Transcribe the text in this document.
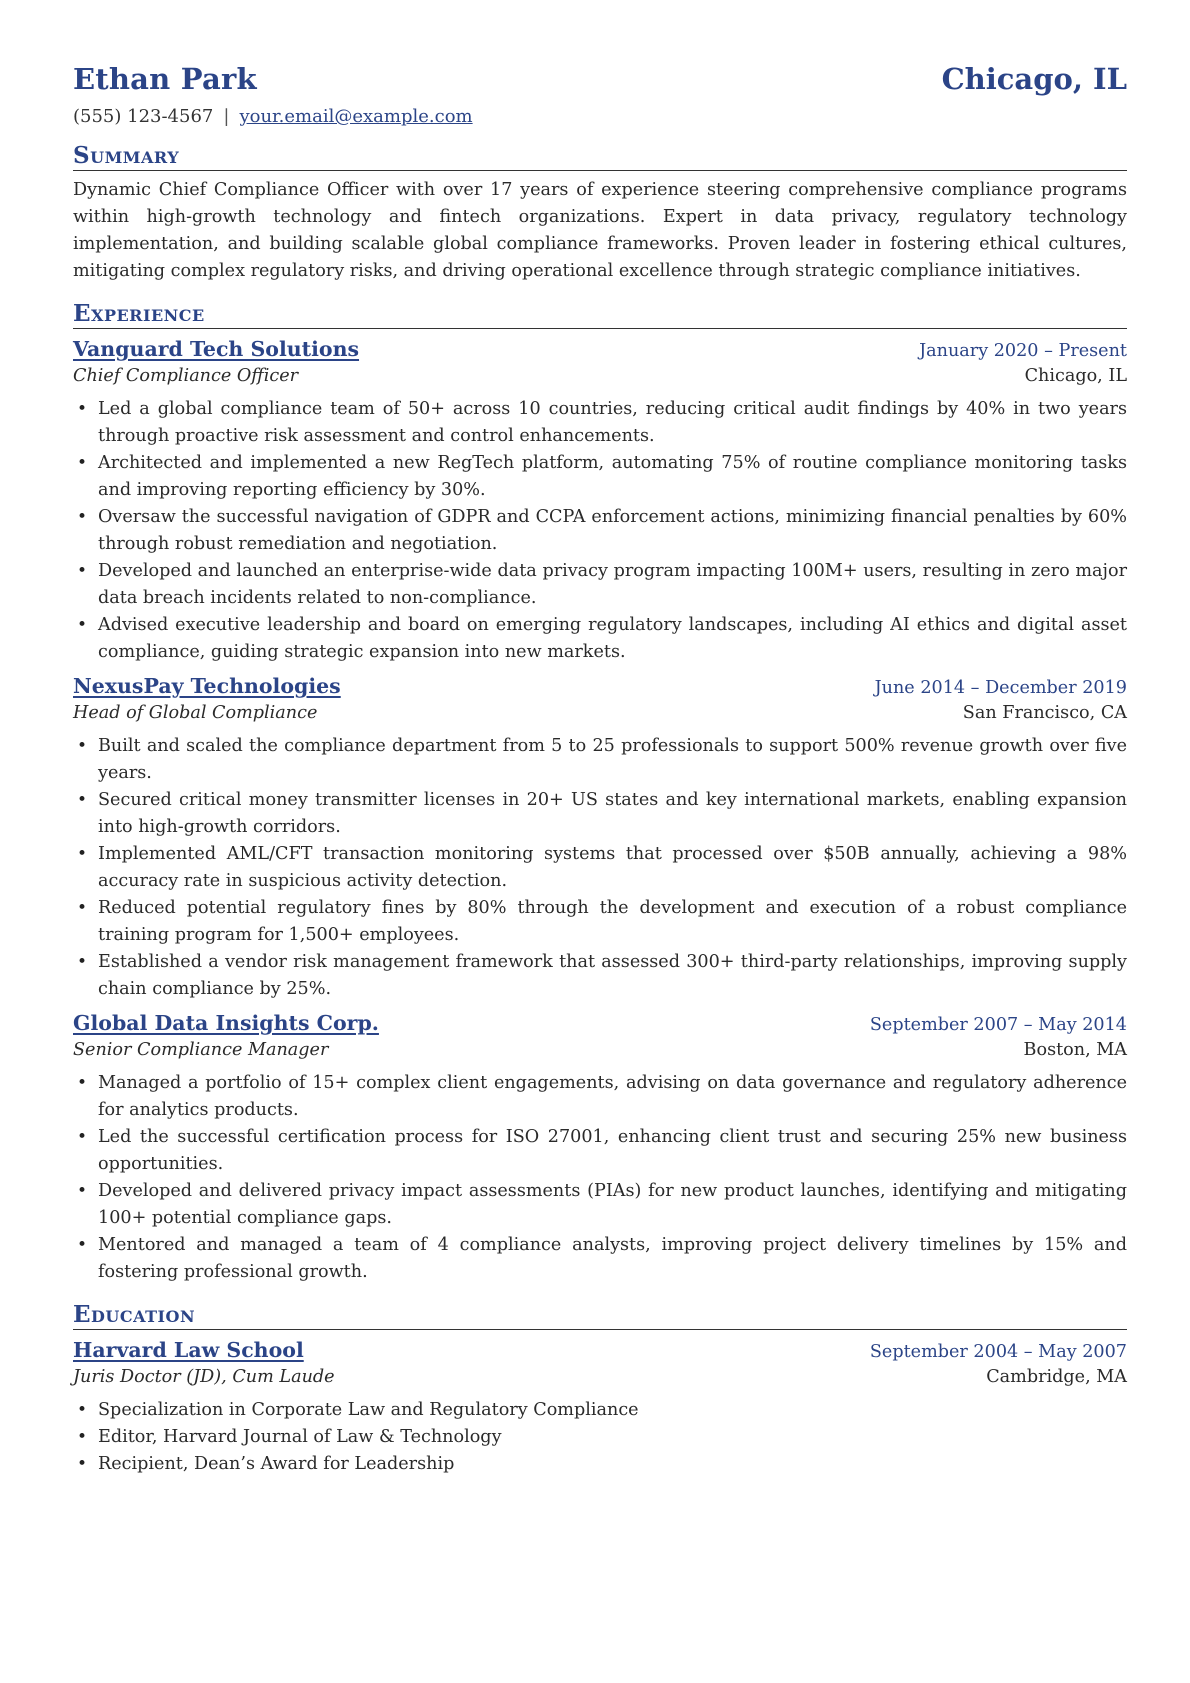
Ethan Park	Chicago, IL
(555) 123-4567 | your.email@example.com
Summary
Dynamic Chief Compliance Officer with over 17 years of experience steering comprehensive compliance programs within high-growth technology and fintech organizations. Expert in data privacy, regulatory technology implementation, and building scalable global compliance frameworks. Proven leader in fostering ethical cultures, mitigating complex regulatory risks, and driving operational excellence through strategic compliance initiatives.
Experience
Vanguard Tech Solutions	January 2020 – Present
Chief Compliance Officer	Chicago, IL
• Led a global compliance team of 50+ across 10 countries, reducing critical audit findings by 40% in two years through proactive risk assessment and control enhancements.
• Architected and implemented a new RegTech platform, automating 75% of routine compliance monitoring tasks and improving reporting efficiency by 30%.
• Oversaw the successful navigation of GDPR and CCPA enforcement actions, minimizing financial penalties by 60% through robust remediation and negotiation.
• Developed and launched an enterprise-wide data privacy program impacting 100M+ users, resulting in zero major data breach incidents related to non-compliance.
• Advised executive leadership and board on emerging regulatory landscapes, including AI ethics and digital asset compliance, guiding strategic expansion into new markets.
NexusPay Technologies	June 2014 – December 2019
Head of Global Compliance	San Francisco, CA
• Built and scaled the compliance department from 5 to 25 professionals to support 500% revenue growth over five years.
• Secured critical money transmitter licenses in 20+ US states and key international markets, enabling expansion into high-growth corridors.
• Implemented AML/CFT transaction monitoring systems that processed over $50B annually, achieving a 98% accuracy rate in suspicious activity detection.
• Reduced potential regulatory fines by 80% through the development and execution of a robust compliance training program for 1,500+ employees.
• Established a vendor risk management framework that assessed 300+ third-party relationships, improving supply chain compliance by 25%.
Global Data Insights Corp.	September 2007 – May 2014
Senior Compliance Manager	Boston, MA
• Managed a portfolio of 15+ complex client engagements, advising on data governance and regulatory adherence for analytics products.
• Led the successful certification process for ISO 27001, enhancing client trust and securing 25% new business opportunities.
• Developed and delivered privacy impact assessments (PIAs) for new product launches, identifying and mitigating 100+ potential compliance gaps.
• Mentored and managed a team of 4 compliance analysts, improving project delivery timelines by 15% and fostering professional growth.
Education
Harvard Law School	September 2004 – May 2007
Juris Doctor (JD), Cum Laude	Cambridge, MA
• Specialization in Corporate Law and Regulatory Compliance
• Editor, Harvard Journal of Law & Technology
• Recipient, Dean’s Award for Leadership
